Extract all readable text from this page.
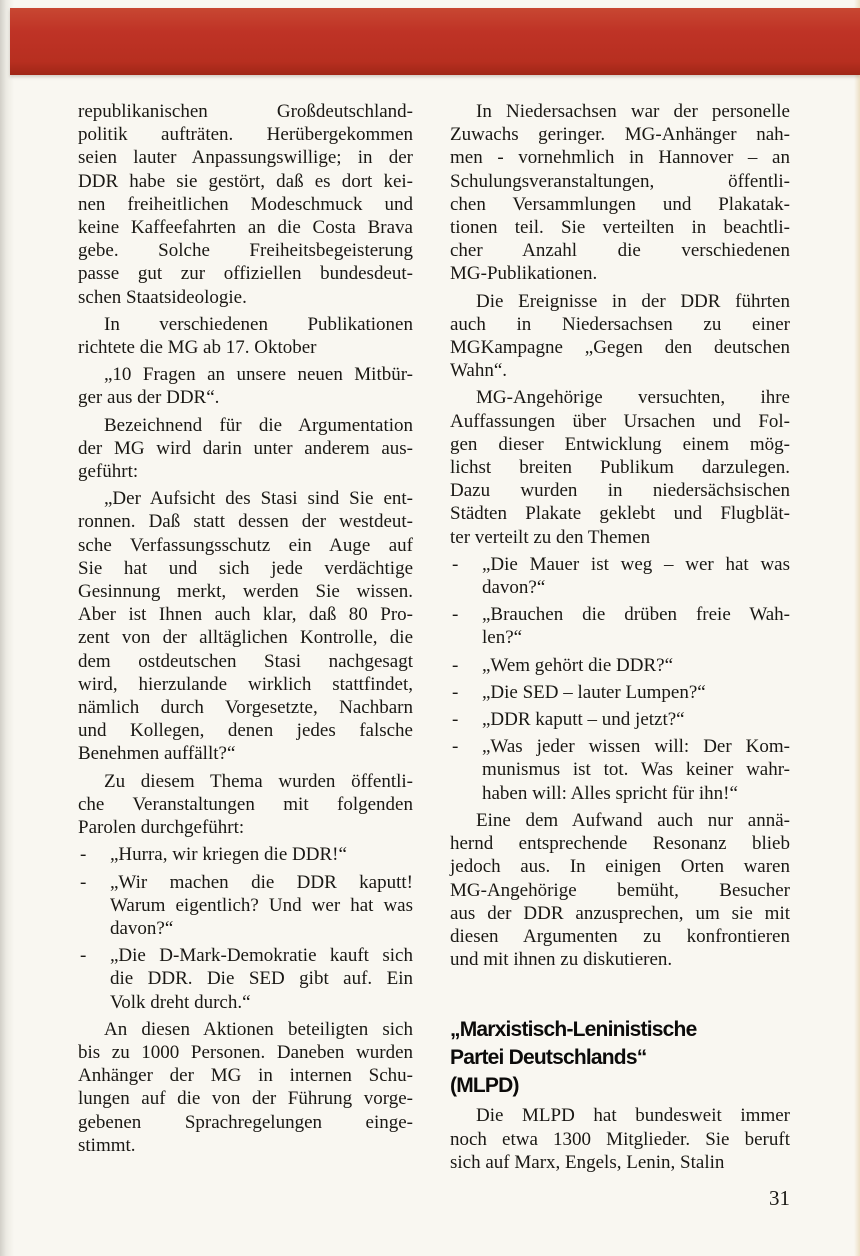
republikanischen Großdeutschland-
politik aufträten. Herübergekommen
seien lauter Anpassungswillige; in der
DDR habe sie gestört, daß es dort kei-
nen freiheitlichen Modeschmuck und
keine Kaffeefahrten an die Costa Brava
gebe. Solche Freiheitsbegeisterung
passe gut zur offiziellen bundesdeut-
schen Staatsideologie.
In verschiedenen Publikationen
richtete die MG ab 17. Oktober
„10 Fragen an unsere neuen Mitbür-
ger aus der DDR“.
Bezeichnend für die Argumentation
der MG wird darin unter anderem aus-
geführt:
„Der Aufsicht des Stasi sind Sie ent-
ronnen. Daß statt dessen der westdeut-
sche Verfassungsschutz ein Auge auf
Sie hat und sich jede verdächtige
Gesinnung merkt, werden Sie wissen.
Aber ist Ihnen auch klar, daß 80 Pro-
zent von der alltäglichen Kontrolle, die
dem ostdeutschen Stasi nachgesagt
wird, hierzulande wirklich stattfindet,
nämlich durch Vorgesetzte, Nachbarn
und Kollegen, denen jedes falsche
Benehmen auffällt?“
Zu diesem Thema wurden öffentli-
che Veranstaltungen mit folgenden
Parolen durchgeführt:
- „Hurra, wir kriegen die DDR!“
- „Wir machen die DDR kaputt!
Warum eigentlich? Und wer hat was
davon?“
- „Die D-Mark-Demokratie kauft sich
die DDR. Die SED gibt auf. Ein
Volk dreht durch.“
An diesen Aktionen beteiligten sich
bis zu 1000 Personen. Daneben wurden
Anhänger der MG in internen Schu-
lungen auf die von der Führung vorge-
gebenen Sprachregelungen einge-
stimmt.
In Niedersachsen war der personelle
Zuwachs geringer. MG-Anhänger nah-
men - vornehmlich in Hannover – an
Schulungsveranstaltungen, öffentli-
chen Versammlungen und Plakatak-
tionen teil. Sie verteilten in beachtli-
cher Anzahl die verschiedenen
MG-Publikationen.
Die Ereignisse in der DDR führten
auch in Niedersachsen zu einer
MGKampagne „Gegen den deutschen
Wahn“.
MG-Angehörige versuchten, ihre
Auffassungen über Ursachen und Fol-
gen dieser Entwicklung einem mög-
lichst breiten Publikum darzulegen.
Dazu wurden in niedersächsischen
Städten Plakate geklebt und Flugblät-
ter verteilt zu den Themen
- „Die Mauer ist weg – wer hat was
davon?“
- „Brauchen die drüben freie Wah-
len?“
- „Wem gehört die DDR?“
- „Die SED – lauter Lumpen?“
- „DDR kaputt – und jetzt?“
- „Was jeder wissen will: Der Kom-
munismus ist tot. Was keiner wahr-
haben will: Alles spricht für ihn!“
Eine dem Aufwand auch nur annä-
hernd entsprechende Resonanz blieb
jedoch aus. In einigen Orten waren
MG-Angehörige bemüht, Besucher
aus der DDR anzusprechen, um sie mit
diesen Argumenten zu konfrontieren
und mit ihnen zu diskutieren.
„Marxistisch-Leninistische
Partei Deutschlands“
(MLPD)
Die MLPD hat bundesweit immer
noch etwa 1300 Mitglieder. Sie beruft
sich auf Marx, Engels, Lenin, Stalin
31
